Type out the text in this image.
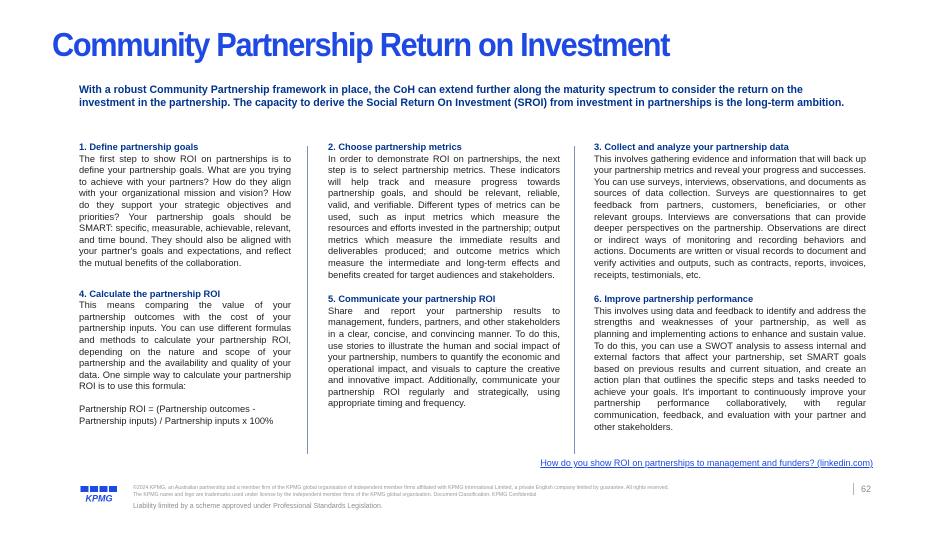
Community Partnership Return on Investment

With a robust Community Partnership framework in place, the CoH can extend further along the maturity spectrum to consider the return on the investment in the partnership. The capacity to derive the Social Return On Investment (SROI) from investment in partnerships is the long-term ambition.

1. Define partnership goals

The first step to show ROI on partnerships is to define your partnership goals. What are you trying to achieve with your partners? How do they align with your organizational mission and vision? How do they support your strategic objectives and priorities? Your partnership goals should be SMART: specific, measurable, achievable, relevant, and time bound. They should also be aligned with your partner's goals and expectations, and reflect the mutual benefits of the collaboration.

4. Calculate the partnership ROI

This means comparing the value of your partnership outcomes with the cost of your partnership inputs. You can use different formulas and methods to calculate your partnership ROI, depending on the nature and scope of your partnership and the availability and quality of your data. One simple way to calculate your partnership ROI is to use this formula:

Partnership ROI = (Partnership outcomes - Partnership inputs) / Partnership inputs x 100%

2. Choose partnership metrics

In order to demonstrate ROI on partnerships, the next step is to select partnership metrics. These indicators will help track and measure progress towards partnership goals, and should be relevant, reliable, valid, and verifiable. Different types of metrics can be used, such as input metrics which measure the resources and efforts invested in the partnership; output metrics which measure the immediate results and deliverables produced; and outcome metrics which measure the intermediate and long-term effects and benefits created for target audiences and stakeholders.

5. Communicate your partnership ROI

Share and report your partnership results to management, funders, partners, and other stakeholders in a clear, concise, and convincing manner. To do this, use stories to illustrate the human and social impact of your partnership, numbers to quantify the economic and operational impact, and visuals to capture the creative and innovative impact. Additionally, communicate your partnership ROI regularly and strategically, using appropriate timing and frequency.

3. Collect and analyze your partnership data

This involves gathering evidence and information that will back up your partnership metrics and reveal your progress and successes. You can use surveys, interviews, observations, and documents as sources of data collection. Surveys are questionnaires to get feedback from partners, customers, beneficiaries, or other relevant groups. Interviews are conversations that can provide deeper perspectives on the partnership. Observations are direct or indirect ways of monitoring and recording behaviors and actions. Documents are written or visual records to document and verify activities and outputs, such as contracts, reports, invoices, receipts, testimonials, etc.

6. Improve partnership performance

This involves using data and feedback to identify and address the strengths and weaknesses of your partnership, as well as planning and implementing actions to enhance and sustain value. To do this, you can use a SWOT analysis to assess internal and external factors that affect your partnership, set SMART goals based on previous results and current situation, and create an action plan that outlines the specific steps and tasks needed to achieve your goals. It's important to continuously improve your partnership performance collaboratively, with regular communication, feedback, and evaluation with your partner and other stakeholders.

How do you show ROI on partnerships to management and funders? (linkedin.com)
KPMG

©2024 KPMG, an Australian partnership and a member firm of the KPMG global organisation of independent member firms affiliated with KPMG International Limited, a private English company limited by guarantee. All rights reserved.
The KPMG name and logo are trademarks used under license by the independent member firms of the KPMG global organisation. Document Classification: KPMG Confidential

62
Liability limited by a scheme approved under Professional Standards Legislation.
